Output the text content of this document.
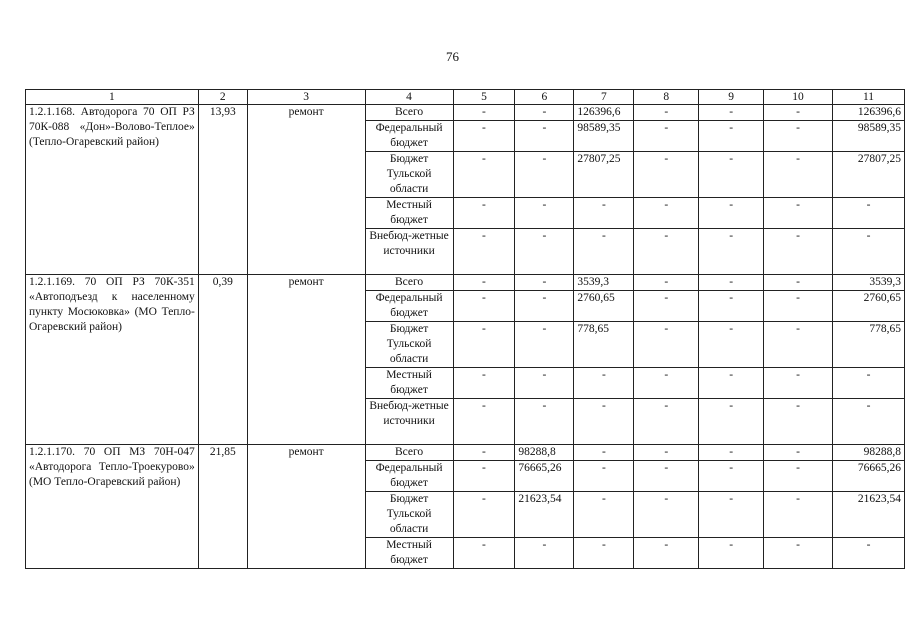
76
1	2	3	4	5	6	7	8	9	10	11
1.2.1.168. Автодорога 70 ОП РЗ 70К-088 «Дон»-Волово-Теплое» (Тепло-Огаревский район)	13,93	ремонт	Всего	-	-	126396,6	-	-	-	126396,6
			Федеральный бюджет	-	-	98589,35	-	-	-	98589,35
			Бюджет Тульской области	-	-	27807,25	-	-	-	27807,25
			Местный бюджет	-	-	-	-	-	-	-
			Внебюд-жетные источники	-	-	-	-	-	-	-
1.2.1.169. 70 ОП РЗ 70К-351 «Автоподъезд к населенному пункту Мосюковка» (МО Тепло-Огаревский район)	0,39	ремонт	Всего	-	-	3539,3	-	-	-	3539,3
			Федеральный бюджет	-	-	2760,65	-	-	-	2760,65
			Бюджет Тульской области	-	-	778,65	-	-	-	778,65
			Местный бюджет	-	-	-	-	-	-	-
			Внебюд-жетные источники	-	-	-	-	-	-	-
1.2.1.170. 70 ОП МЗ 70Н-047 «Автодорога Тепло-Троекурово» (МО Тепло-Огаревский район)	21,85	ремонт	Всего	-	98288,8	-	-	-	-	98288,8
			Федеральный бюджет	-	76665,26	-	-	-	-	76665,26
			Бюджет Тульской области	-	21623,54	-	-	-	-	21623,54
			Местный бюджет	-	-	-	-	-	-	-
